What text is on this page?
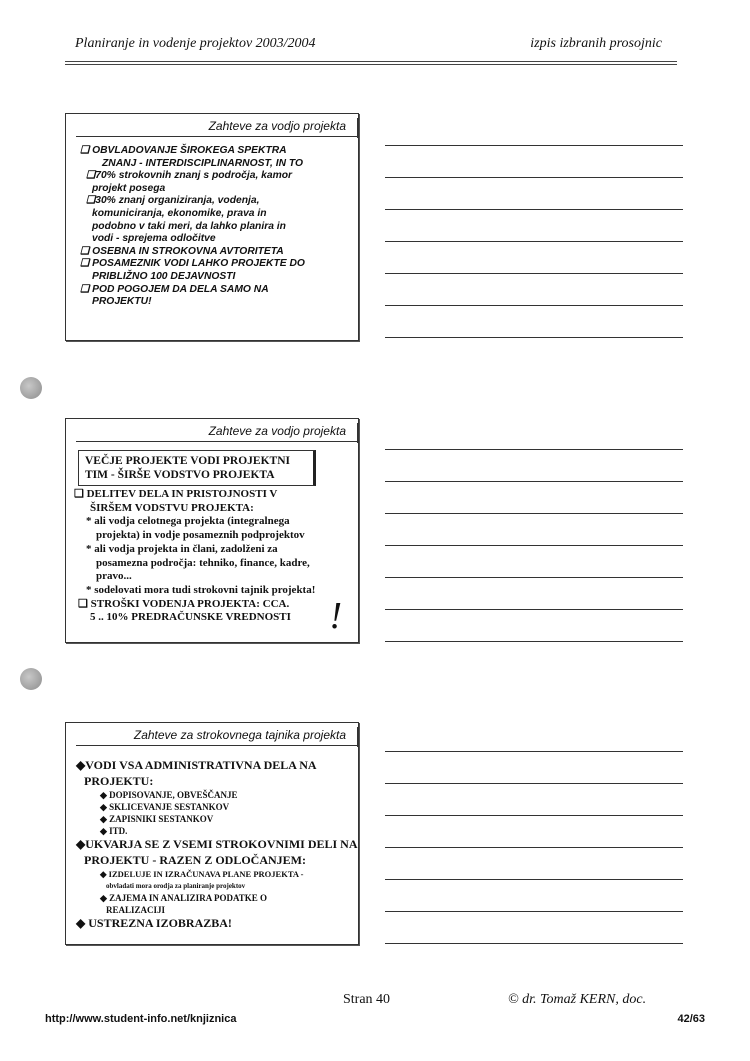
Planiranje in vodenje projektov 2003/2004	izpis izbranih prosojnic
Zahteve za vodjo projekta
❑ OBVLADOVANJE ŠIROKEGA SPEKTRA
ZNANJ - INTERDISCIPLINARNOST, IN TO
❑70% strokovnih znanj s področja, kamor
projekt posega
❑30% znanj organiziranja, vodenja,
komuniciranja, ekonomike, prava in
podobno v taki meri, da lahko planira in
vodi - sprejema odločitve
❑ OSEBNA IN STROKOVNA AVTORITETA
❑ POSAMEZNIK VODI LAHKO PROJEKTE DO
PRIBLIŽNO 100 DEJAVNOSTI
❑ POD POGOJEM DA DELA SAMO NA
PROJEKTU!
Zahteve za vodjo projekta
VEČJE PROJEKTE VODI PROJEKTNI
TIM - ŠIRŠE VODSTVO PROJEKTA
❑ DELITEV DELA IN PRISTOJNOSTI V
ŠIRŠEM VODSTVU PROJEKTA:
* ali vodja celotnega projekta (integralnega
projekta) in vodje posameznih podprojektov
* ali vodja projekta in člani, zadolženi za
posamezna področja: tehniko, finance, kadre,
pravo...
* sodelovati mora tudi strokovni tajnik projekta!
❑ STROŠKI VODENJA PROJEKTA: CCA.
5 .. 10% PREDRAČUNSKE VREDNOSTI	!
Zahteve za strokovnega tajnika projekta
◆VODI VSA ADMINISTRATIVNA DELA NA
PROJEKTU:
◆ DOPISOVANJE, OBVEŠČANJE
◆ SKLICEVANJE SESTANKOV
◆ ZAPISNIKI SESTANKOV
◆ ITD.
◆UKVARJA SE Z VSEMI STROKOVNIMI DELI NA
PROJEKTU - RAZEN Z ODLOČANJEM:
◆ IZDELUJE IN IZRAČUNAVA PLANE PROJEKTA -
obvladati mora orodja za planiranje projektov
◆ ZAJEMA IN ANALIZIRA PODATKE O
REALIZACIJI
◆ USTREZNA IZOBRAZBA!
Stran 40	© dr. Tomaž KERN, doc.
http://www.student-info.net/knjiznica	42/63
